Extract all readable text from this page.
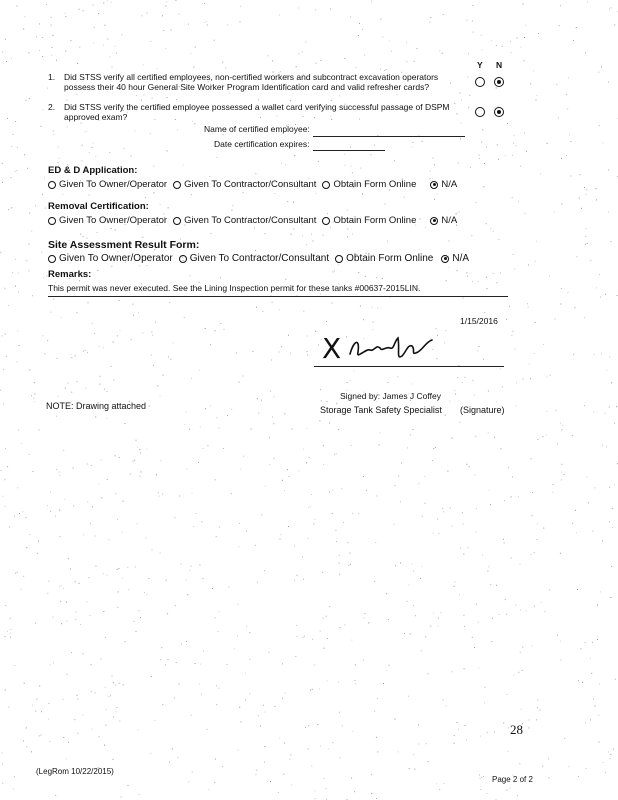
Y N
1. Did STSS verify all certified employees, non-certified workers and subcontract excavation operators
possess their 40 hour General Site Worker Program Identification card and valid refresher cards?
2. Did STSS verify the certified employee possessed a wallet card verifying successful passage of DSPM
approved exam?
Name of certified employee:
Date certification expires:
ED & D Application:
Given To Owner/Operator Given To Contractor/Consultant Obtain Form Online	N/A
Removal Certification:
Given To Owner/Operator Given To Contractor/Consultant Obtain Form Online	N/A
Site Assessment Result Form:
Given To Owner/Operator Given To Contractor/Consultant Obtain Form Online N/A
Remarks:
This permit was never executed. See the Lining Inspection permit for these tanks #00637-2015LIN.
1/15/2016
X
Signed by: James J Coffey
Storage Tank Safety Specialist (Signature)
NOTE: Drawing attached
28
(LegRom 10/22/2015)
Page 2 of 2
